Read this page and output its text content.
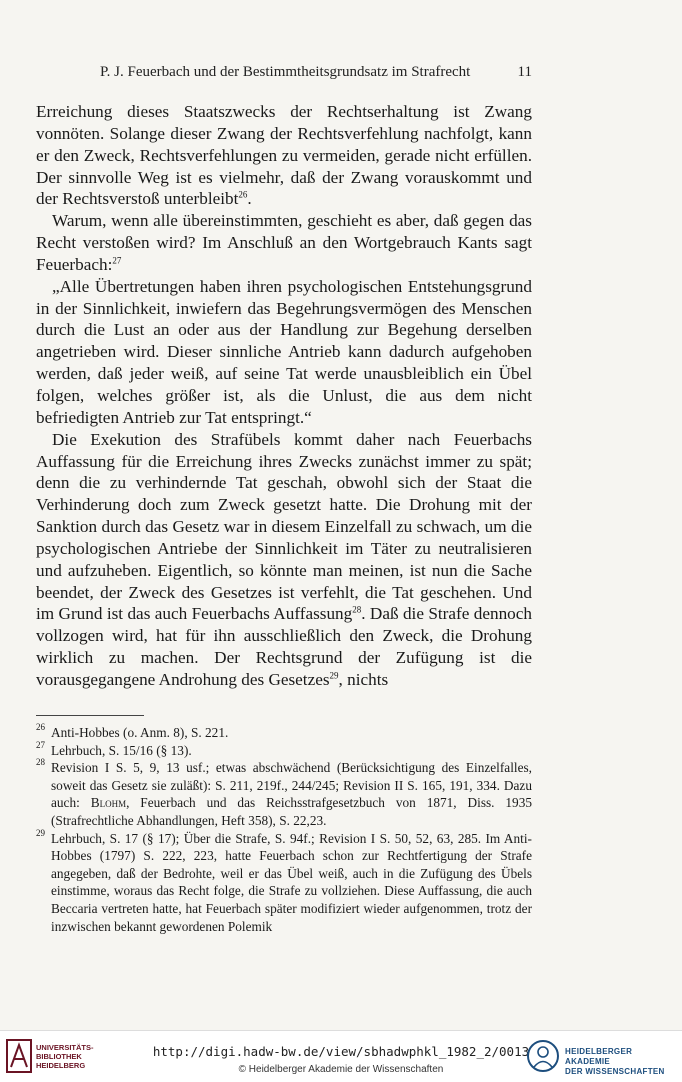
P. J. Feuerbach und der Bestimmtheitsgrundsatz im Strafrecht	11

Erreichung dieses Staatszwecks der Rechtserhaltung ist Zwang vonnöten. Solange dieser Zwang der Rechtsverfehlung nachfolgt, kann er den Zweck, Rechtsverfehlungen zu vermeiden, gerade nicht erfüllen. Der sinnvolle Weg ist es vielmehr, daß der Zwang vorauskommt und der Rechtsverstoß unterbleibt$^{26}$.

Warum, wenn alle übereinstimmten, geschieht es aber, daß gegen das Recht verstoßen wird? Im Anschluß an den Wortgebrauch Kants sagt Feuerbach:$^{27}$

„Alle Übertretungen haben ihren psychologischen Entstehungsgrund in der Sinnlichkeit, inwiefern das Begehrungsvermögen des Menschen durch die Lust an oder aus der Handlung zur Begehung derselben angetrieben wird. Dieser sinnliche Antrieb kann dadurch aufgehoben werden, daß jeder weiß, auf seine Tat werde unausbleiblich ein Übel folgen, welches größer ist, als die Unlust, die aus dem nicht befriedigten Antrieb zur Tat entspringt.“

Die Exekution des Strafübels kommt daher nach Feuerbachs Auffassung für die Erreichung ihres Zwecks zunächst immer zu spät; denn die zu verhindernde Tat geschah, obwohl sich der Staat die Verhinderung doch zum Zweck gesetzt hatte. Die Drohung mit der Sanktion durch das Gesetz war in diesem Einzelfall zu schwach, um die psychologischen Antriebe der Sinnlichkeit im Täter zu neutralisieren und aufzuheben. Eigentlich, so könnte man meinen, ist nun die Sache beendet, der Zweck des Gesetzes ist verfehlt, die Tat geschehen. Und im Grund ist das auch Feuerbachs Auffassung$^{28}$. Daß die Strafe dennoch vollzogen wird, hat für ihn ausschließlich den Zweck, die Drohung wirklich zu machen. Der Rechtsgrund der Zufügung ist die vorausgegangene Androhung des Gesetzes$^{29}$, nichts

26 Anti-Hobbes (o. Anm. 8), S. 221.
27 Lehrbuch, S. 15/16 (§ 13).
28 Revision I S. 5, 9, 13 usf.; etwas abschwächend (Berücksichtigung des Einzelfalles, soweit das Gesetz sie zuläßt): S. 211, 219f., 244/245; Revision II S. 165, 191, 334. Dazu auch: Blohm, Feuerbach und das Reichsstrafgesetzbuch von 1871, Diss. 1935 (Strafrechtliche Abhandlungen, Heft 358), S. 22,23.
29 Lehrbuch, S. 17 (§ 17); Über die Strafe, S. 94f.; Revision I S. 50, 52, 63, 285. Im Anti-Hobbes (1797) S. 222, 223, hatte Feuerbach schon zur Rechtfertigung der Strafe angegeben, daß der Bedrohte, weil er das Übel weiß, auch in die Zufügung des Übels einstimme, woraus das Recht folge, die Strafe zu vollziehen. Diese Auffassung, die auch Beccaria vertreten hatte, hat Feuerbach später modifiziert wieder aufgenommen, trotz der inzwischen bekannt gewordenen Polemik
UNIVERSITÄTS-
BIBLIOTHEK
HEIDELBERG
http://digi.hadw-bw.de/view/sbhadwphkl_1982_2/0013
© Heidelberger Akademie der Wissenschaften
HEIDELBERGER AKADEMIE
DER WISSENSCHAFTEN
